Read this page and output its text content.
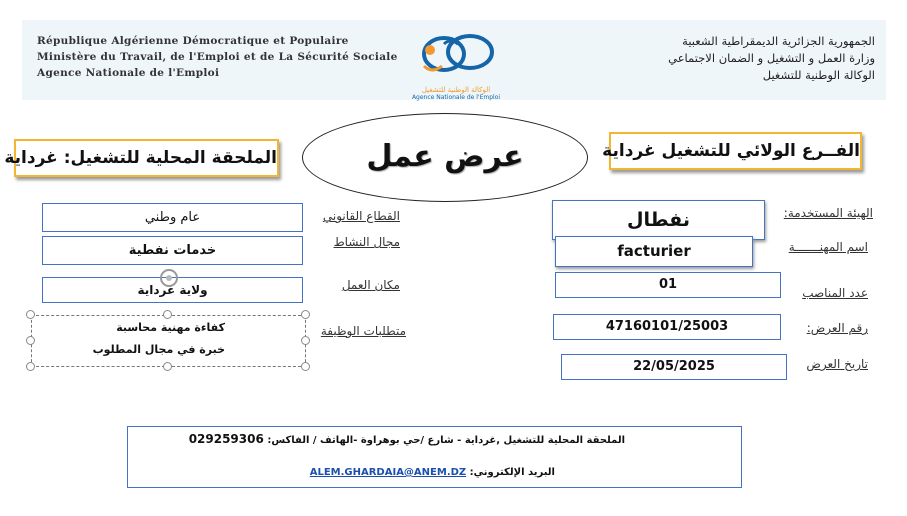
République Algérienne Démocratique et Populaire
Ministère du Travail, de l'Emploi et de La Sécurité Sociale
Agence Nationale de l'Emploi
الجمهورية الجزائرية الديمقراطية الشعبية
وزارة العمل و التشغيل و الضمان الاجتماعي
الوكالة الوطنية للتشغيل
الوكالة الوطنية للتشغيل
Agence Nationale de l'Emploi
الملحقة المحلية للتشغيل: غرداية	عرض عمل	الفــرع الولائي للتشغيل غرداية
الهيئة المستخدمة:
اسم المهنـــــــة
عدد المناصب
رقم العرض:
تاريخ العرض
نفطال
facturier
01
47160101/25003
22/05/2025
القطاع القانوني
مجال النشاط
مكان العمل
متطلبات الوظيفة
عام وطني
خدمات نفطية
ولاية غرداية
كفاءة مهنية محاسبة
خبرة في مجال المطلوب
الملحقة المحلية للتشغيل ,غرداية - شارع /حي بوهراوة -الهاتف / الفاكس: 029259306
البريد الإلكتروني: ALEM.GHARDAIA@ANEM.DZ
